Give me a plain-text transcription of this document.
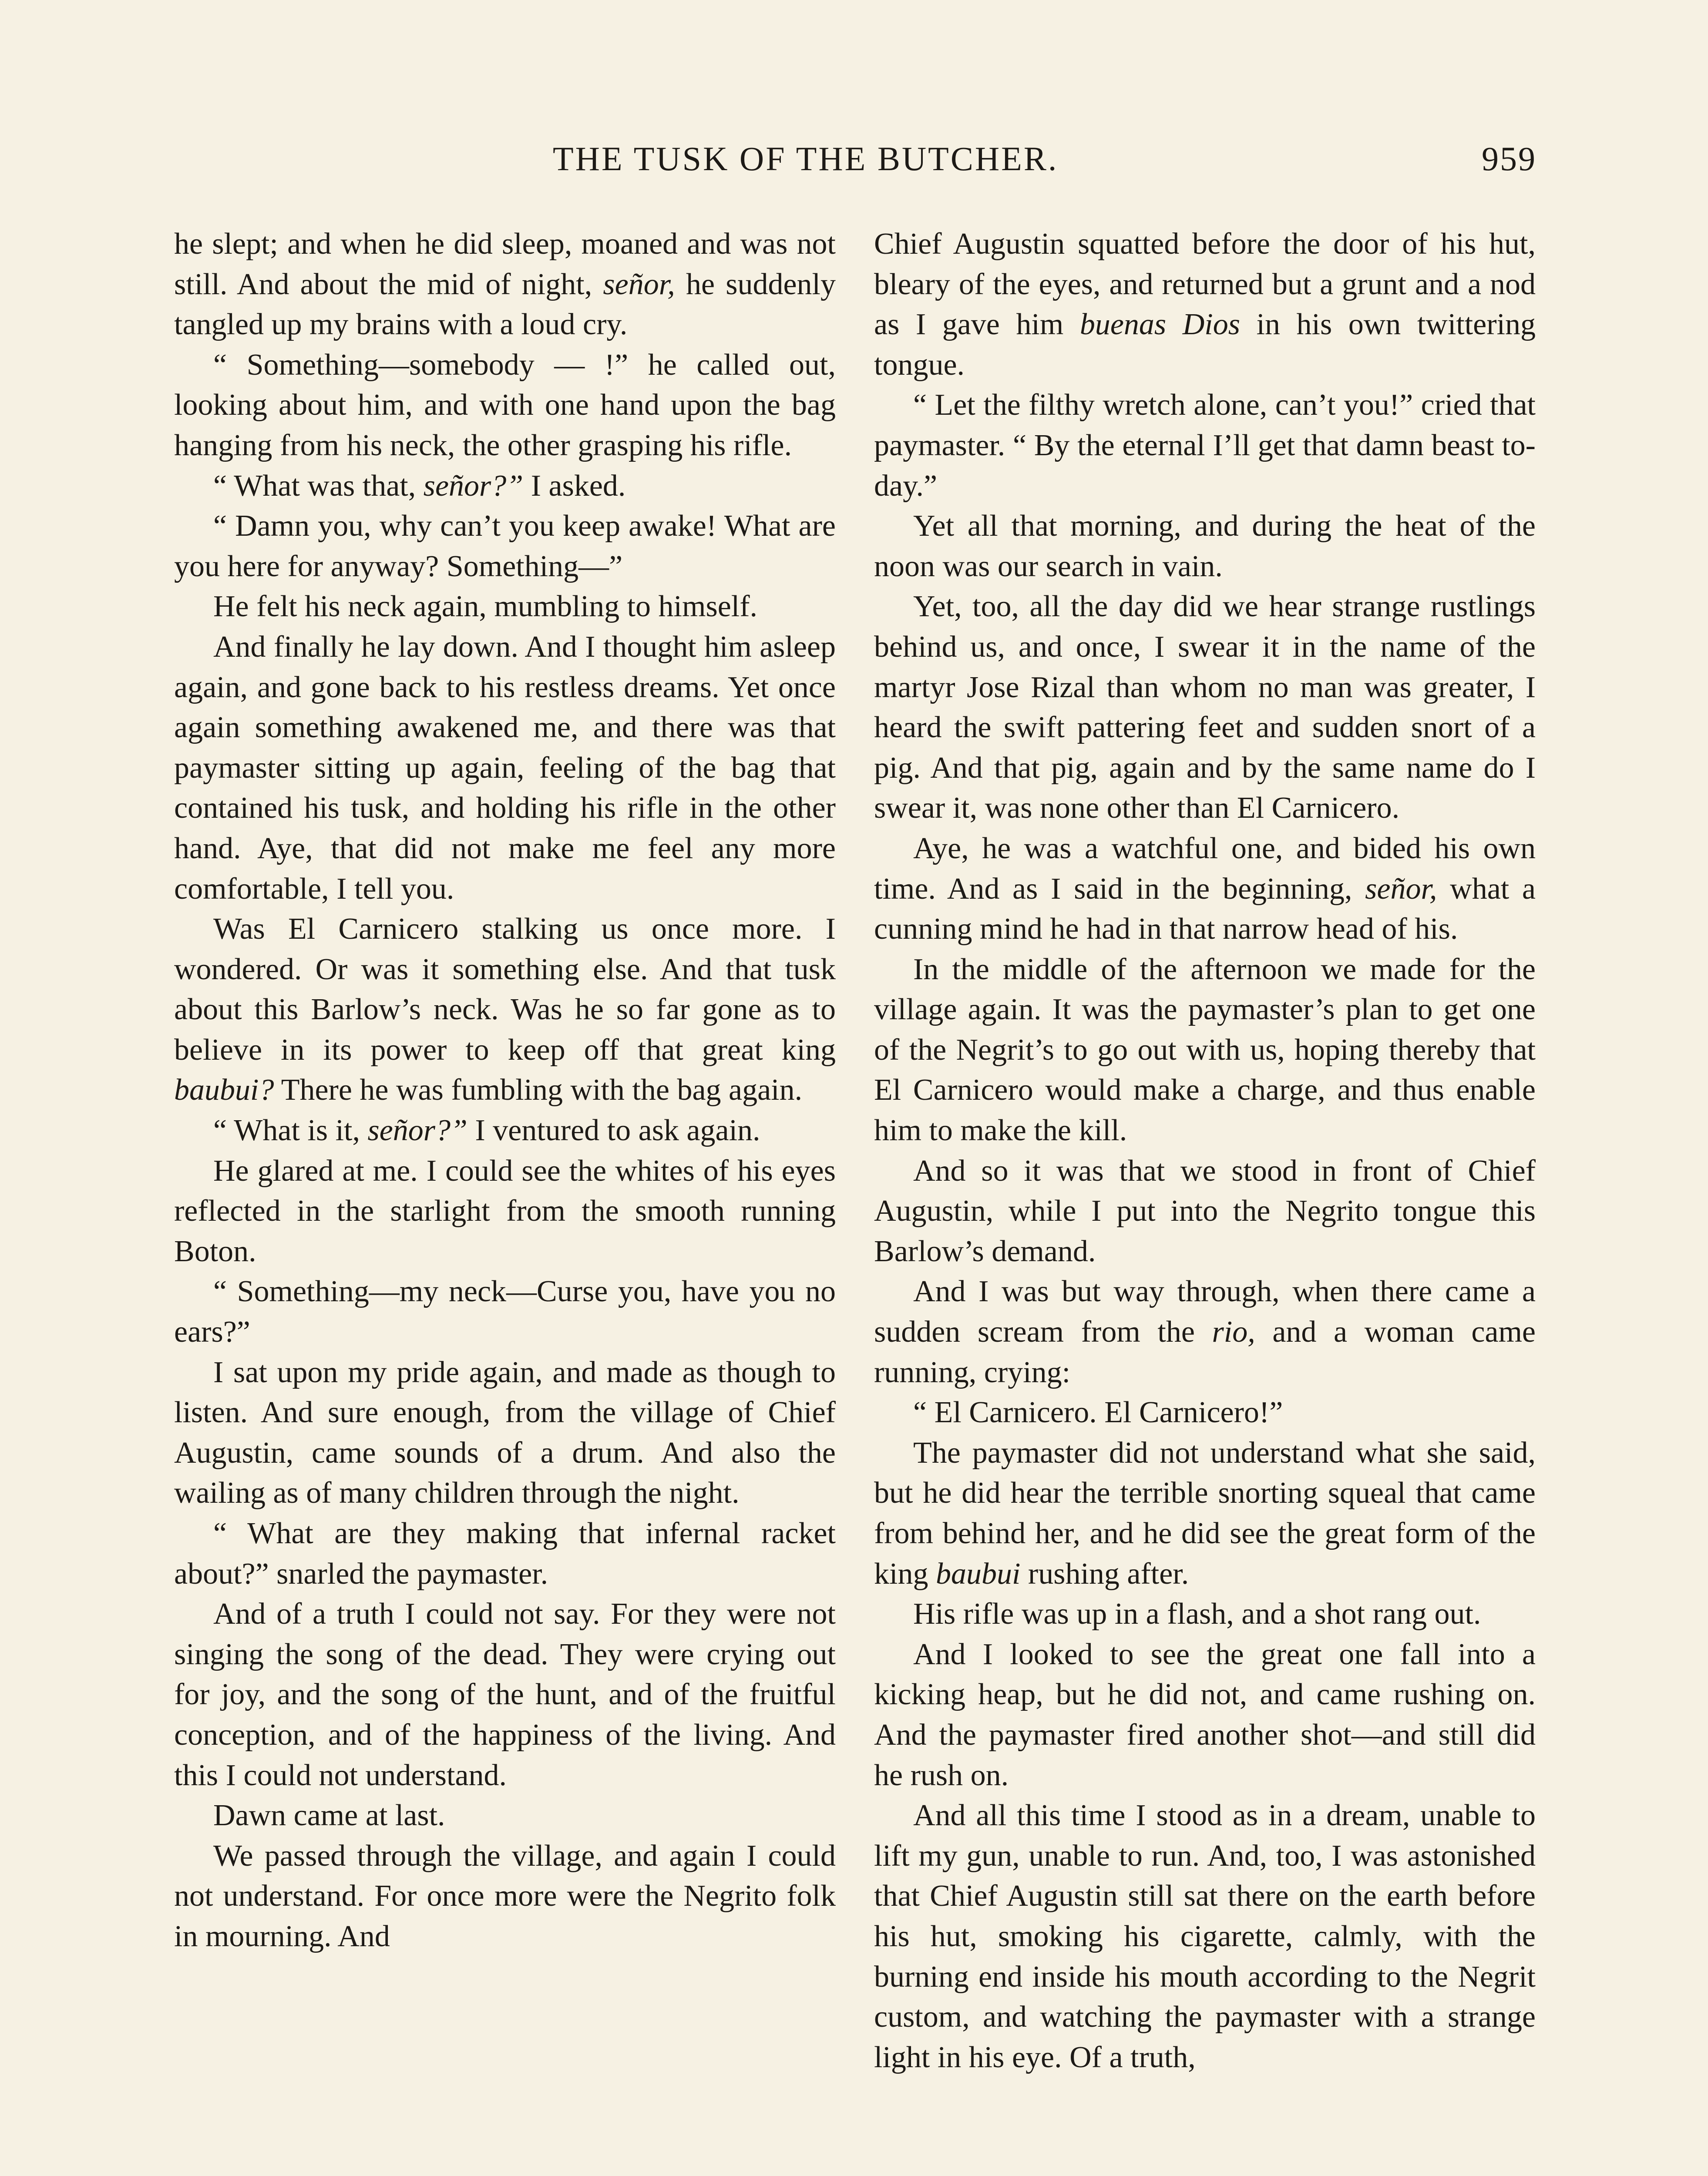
THE TUSK OF THE BUTCHER.	959

he slept; and when he did sleep, moaned and was not still. And about the mid of night, señor, he suddenly tangled up my brains with a loud cry.

“ Something—somebody — !” he called out, looking about him, and with one hand upon the bag hanging from his neck, the other grasping his rifle.

“ What was that, señor?” I asked.

“ Damn you, why can’t you keep awake! What are you here for anyway? Something—”

He felt his neck again, mumbling to himself.

And finally he lay down. And I thought him asleep again, and gone back to his restless dreams. Yet once again something awakened me, and there was that paymaster sitting up again, feeling of the bag that contained his tusk, and holding his rifle in the other hand. Aye, that did not make me feel any more comfortable, I tell you.

Was El Carnicero stalking us once more. I wondered. Or was it something else. And that tusk about this Barlow’s neck. Was he so far gone as to believe in its power to keep off that great king baubui? There he was fumbling with the bag again.

“ What is it, señor?” I ventured to ask again.

He glared at me. I could see the whites of his eyes reflected in the starlight from the smooth running Boton.

“ Something—my neck—Curse you, have you no ears?”

I sat upon my pride again, and made as though to listen. And sure enough, from the village of Chief Augustin, came sounds of a drum. And also the wailing as of many children through the night.

“ What are they making that infernal racket about?” snarled the paymaster.

And of a truth I could not say. For they were not singing the song of the dead. They were crying out for joy, and the song of the hunt, and of the fruitful conception, and of the happiness of the living. And this I could not understand.

Dawn came at last.

We passed through the village, and again I could not understand. For once more were the Negrito folk in mourning. And

Chief Augustin squatted before the door of his hut, bleary of the eyes, and returned but a grunt and a nod as I gave him buenas Dios in his own twittering tongue.

“ Let the filthy wretch alone, can’t you!” cried that paymaster. “ By the eternal I’ll get that damn beast to-day.”

Yet all that morning, and during the heat of the noon was our search in vain.

Yet, too, all the day did we hear strange rustlings behind us, and once, I swear it in the name of the martyr Jose Rizal than whom no man was greater, I heard the swift pattering feet and sudden snort of a pig. And that pig, again and by the same name do I swear it, was none other than El Carnicero.

Aye, he was a watchful one, and bided his own time. And as I said in the beginning, señor, what a cunning mind he had in that narrow head of his.

In the middle of the afternoon we made for the village again. It was the paymaster’s plan to get one of the Negrit’s to go out with us, hoping thereby that El Carnicero would make a charge, and thus enable him to make the kill.

And so it was that we stood in front of Chief Augustin, while I put into the Negrito tongue this Barlow’s demand.

And I was but way through, when there came a sudden scream from the rio, and a woman came running, crying:

“ El Carnicero. El Carnicero!”

The paymaster did not understand what she said, but he did hear the terrible snorting squeal that came from behind her, and he did see the great form of the king baubui rushing after.

His rifle was up in a flash, and a shot rang out.

And I looked to see the great one fall into a kicking heap, but he did not, and came rushing on. And the paymaster fired another shot—and still did he rush on.

And all this time I stood as in a dream, unable to lift my gun, unable to run. And, too, I was astonished that Chief Augustin still sat there on the earth before his hut, smoking his cigarette, calmly, with the burning end inside his mouth according to the Negrit custom, and watching the paymaster with a strange light in his eye. Of a truth,
